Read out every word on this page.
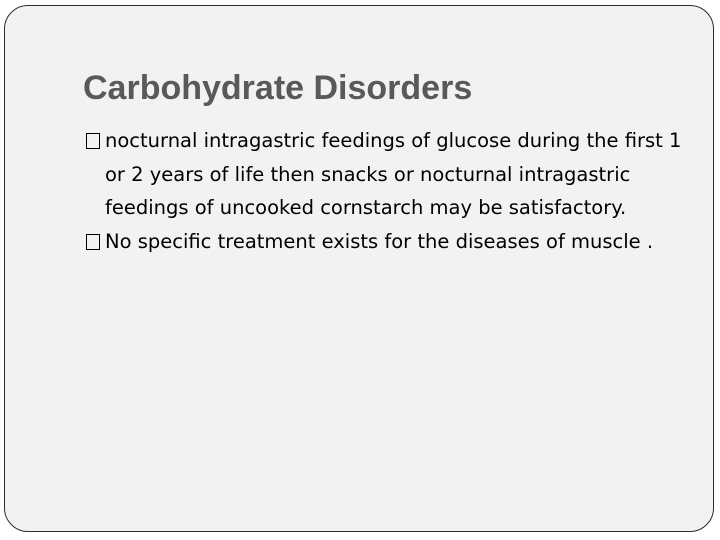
Carbohydrate Disorders
nocturnal intragastric feedings of glucose during the first 1 or 2 years of life then snacks or nocturnal intragastric feedings of uncooked cornstarch may be satisfactory.
No specific treatment exists for the diseases of muscle .
